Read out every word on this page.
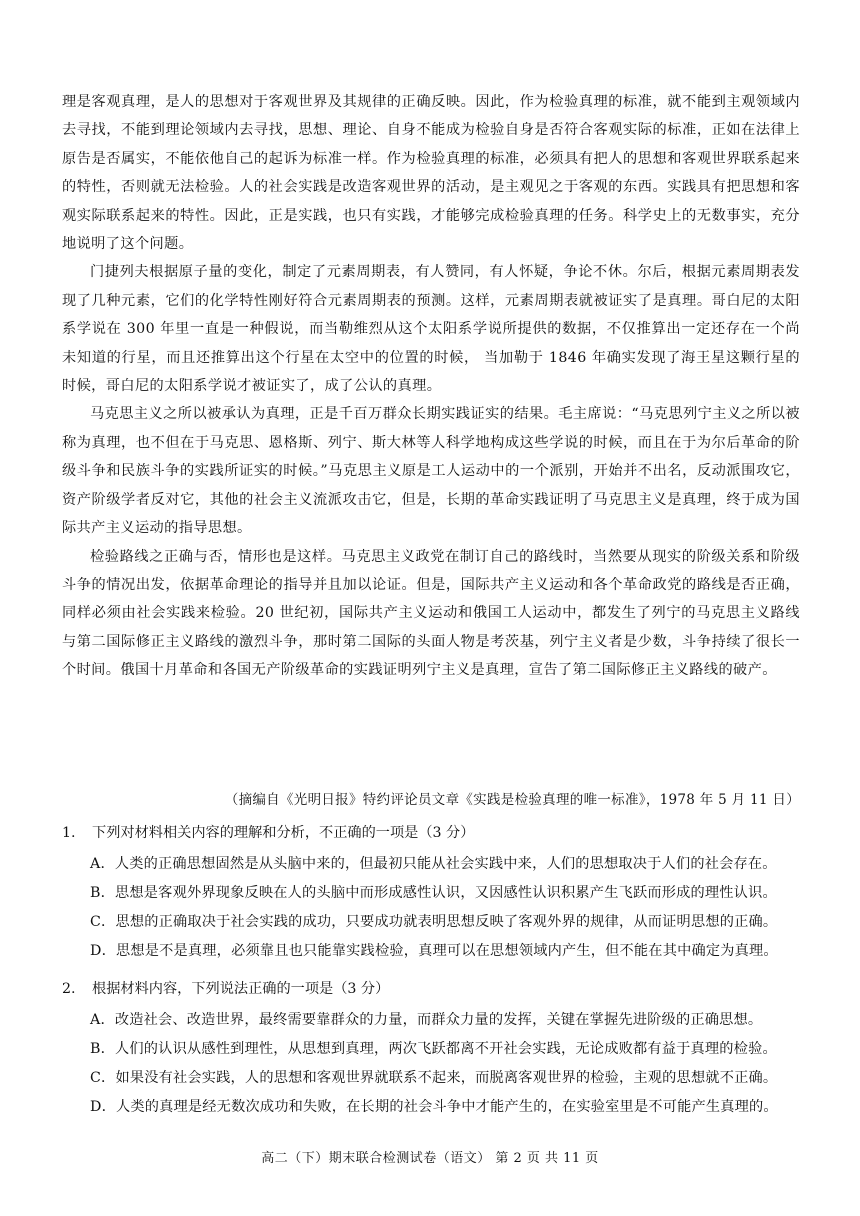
理是客观真理，是人的思想对于客观世界及其规律的正确反映。因此，作为检验真理的标准，就不能到主观领域内去寻找，不能到理论领域内去寻找，思想、理论、自身不能成为检验自身是否符合客观实际的标准，正如在法律上原告是否属实，不能依他自己的起诉为标准一样。作为检验真理的标准，必须具有把人的思想和客观世界联系起来的特性，否则就无法检验。人的社会实践是改造客观世界的活动，是主观见之于客观的东西。实践具有把思想和客观实际联系起来的特性。因此，正是实践，也只有实践，才能够完成检验真理的任务。科学史上的无数事实，充分地说明了这个问题。

门捷列夫根据原子量的变化，制定了元素周期表，有人赞同，有人怀疑，争论不休。尔后，根据元素周期表发现了几种元素，它们的化学特性刚好符合元素周期表的预测。这样，元素周期表就被证实了是真理。哥白尼的太阳系学说在 300 年里一直是一种假说，而当勒维烈从这个太阳系学说所提供的数据，不仅推算出一定还存在一个尚未知道的行星，而且还推算出这个行星在太空中的位置的时候， 当加勒于 1846 年确实发现了海王星这颗行星的时候，哥白尼的太阳系学说才被证实了，成了公认的真理。

马克思主义之所以被承认为真理，正是千百万群众长期实践证实的结果。毛主席说：“马克思列宁主义之所以被称为真理，也不但在于马克思、恩格斯、列宁、斯大林等人科学地构成这些学说的时候，而且在于为尔后革命的阶级斗争和民族斗争的实践所证实的时候。”马克思主义原是工人运动中的一个派别，开始并不出名，反动派围攻它，资产阶级学者反对它，其他的社会主义流派攻击它，但是，长期的革命实践证明了马克思主义是真理，终于成为国际共产主义运动的指导思想。

检验路线之正确与否，情形也是这样。马克思主义政党在制订自己的路线时，当然要从现实的阶级关系和阶级斗争的情况出发，依据革命理论的指导并且加以论证。但是，国际共产主义运动和各个革命政党的路线是否正确，同样必须由社会实践来检验。20 世纪初，国际共产主义运动和俄国工人运动中，都发生了列宁的马克思主义路线与第二国际修正主义路线的激烈斗争，那时第二国际的头面人物是考茨基，列宁主义者是少数，斗争持续了很长一个时间。俄国十月革命和各国无产阶级革命的实践证明列宁主义是真理，宣告了第二国际修正主义路线的破产。

（摘编自《光明日报》特约评论员文章《实践是检验真理的唯一标准》，1978 年 5 月 11 日）

1. 下列对材料相关内容的理解和分析，不正确的一项是（3 分）

A．人类的正确思想固然是从头脑中来的，但最初只能从社会实践中来，人们的思想取决于人们的社会存在。

B．思想是客观外界现象反映在人的头脑中而形成感性认识，又因感性认识积累产生飞跃而形成的理性认识。

C．思想的正确取决于社会实践的成功，只要成功就表明思想反映了客观外界的规律，从而证明思想的正确。

D．思想是不是真理，必须靠且也只能靠实践检验，真理可以在思想领域内产生，但不能在其中确定为真理。

2. 根据材料内容，下列说法正确的一项是（3 分）

A．改造社会、改造世界，最终需要靠群众的力量，而群众力量的发挥，关键在掌握先进阶级的正确思想。

B．人们的认识从感性到理性，从思想到真理，两次飞跃都离不开社会实践，无论成败都有益于真理的检验。

C．如果没有社会实践，人的思想和客观世界就联系不起来，而脱离客观世界的检验，主观的思想就不正确。

D．人类的真理是经无数次成功和失败，在长期的社会斗争中才能产生的，在实验室里是不可能产生真理的。

高二（下）期末联合检测试卷（语文） 第 2 页 共 11 页
